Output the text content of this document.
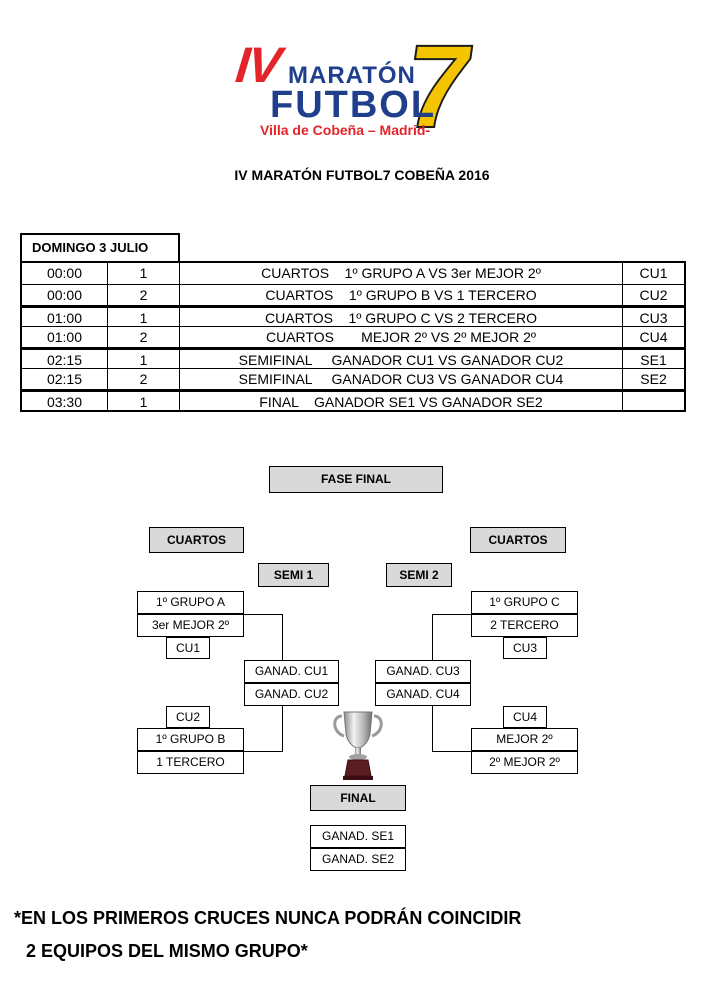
IV 7
MARATÓN
FUTBOL
Villa de Cobeña – Madrid-
IV MARATÓN FUTBOL7 COBEÑA 2016
DOMINGO 3 JULIO
00:00	1	CUARTOS    1º GRUPO A VS 3er MEJOR 2º	CU1
00:00	2	CUARTOS    1º GRUPO B VS 1 TERCERO	CU2
01:00	1	CUARTOS    1º GRUPO C VS 2 TERCERO	CU3
01:00	2	CUARTOS       MEJOR 2º VS 2º MEJOR 2º	CU4
02:15	1	SEMIFINAL     GANADOR CU1 VS GANADOR CU2	SE1
02:15	2	SEMIFINAL     GANADOR CU3 VS GANADOR CU4	SE2
03:30	1	FINAL    GANADOR SE1 VS GANADOR SE2
FASE FINAL
CUARTOS	CUARTOS
SEMI 1	SEMI 2
1º GRUPO A
3er MEJOR 2º
CU1
CU2
1º GRUPO B
1 TERCERO
GANAD. CU1
GANAD. CU2
1º GRUPO C
2 TERCERO
CU3
CU4
MEJOR 2º
2º MEJOR 2º
GANAD. CU3
GANAD. CU4
FINAL
GANAD. SE1
GANAD. SE2
*EN LOS PRIMEROS CRUCES NUNCA PODRÁN COINCIDIR
2 EQUIPOS DEL MISMO GRUPO*
